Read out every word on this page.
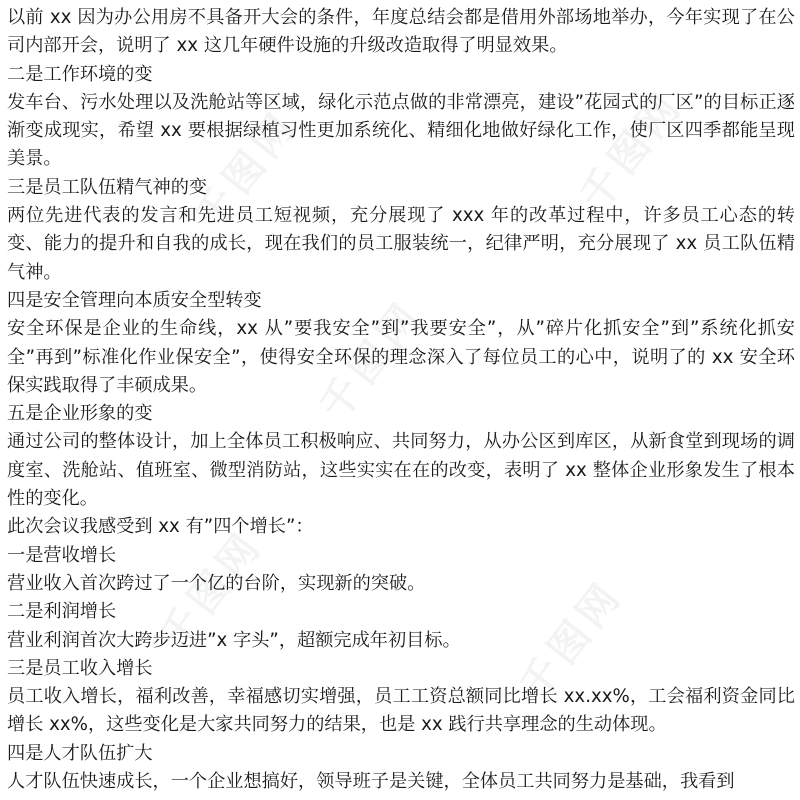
千图网	千图网
千图网
千图网	千图网

以前 xx 因为办公用房不具备开大会的条件，年度总结会都是借用外部场地举办，今年实现了在公司内部开会，说明了 xx 这几年硬件设施的升级改造取得了明显效果。

二是工作环境的变

发车台、污水处理以及洗舱站等区域，绿化示范点做的非常漂亮，建设”花园式的厂区”的目标正逐渐变成现实，希望 xx 要根据绿植习性更加系统化、精细化地做好绿化工作，使厂区四季都能呈现美景。

三是员工队伍精气神的变

两位先进代表的发言和先进员工短视频，充分展现了 xxx 年的改革过程中，许多员工心态的转变、能力的提升和自我的成长，现在我们的员工服装统一，纪律严明，充分展现了 xx 员工队伍精气神。

四是安全管理向本质安全型转变

安全环保是企业的生命线，xx 从”要我安全”到”我要安全”，从”碎片化抓安全”到”系统化抓安全”再到”标准化作业保安全”，使得安全环保的理念深入了每位员工的心中，说明了的 xx 安全环保实践取得了丰硕成果。

五是企业形象的变

通过公司的整体设计，加上全体员工积极响应、共同努力，从办公区到库区，从新食堂到现场的调度室、洗舱站、值班室、微型消防站，这些实实在在的改变，表明了 xx 整体企业形象发生了根本性的变化。

此次会议我感受到 xx 有”四个增长”：

一是营收增长

营业收入首次跨过了一个亿的台阶，实现新的突破。

二是利润增长

营业利润首次大跨步迈进”x 字头”，超额完成年初目标。

三是员工收入增长

员工收入增长，福利改善，幸福感切实增强，员工工资总额同比增长 xx.xx%，工会福利资金同比增长 xx%，这些变化是大家共同努力的结果，也是 xx 践行共享理念的生动体现。

四是人才队伍扩大

人才队伍快速成长，一个企业想搞好，领导班子是关键，全体员工共同努力是基础，我看到
